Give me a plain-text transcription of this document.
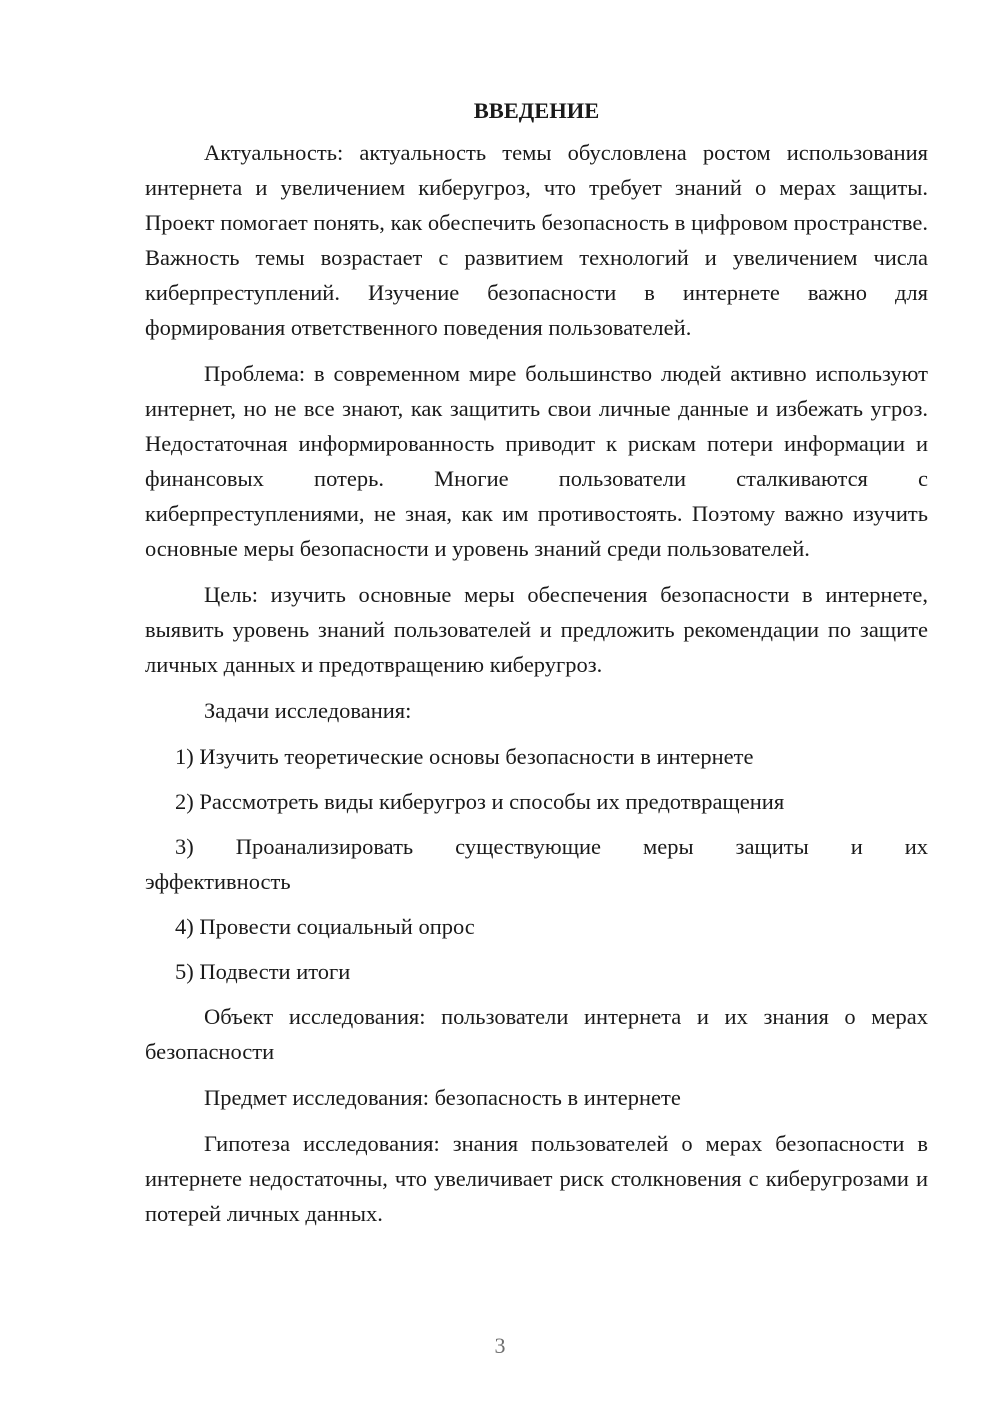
ВВЕДЕНИЕ

Актуальность: актуальность темы обусловлена ростом использования интернета и увеличением киберугроз, что требует знаний о мерах защиты. Проект помогает понять, как обеспечить безопасность в цифровом пространстве. Важность темы возрастает с развитием технологий и увеличением числа киберпреступлений. Изучение безопасности в интернете важно для формирования ответственного поведения пользователей.

Проблема: в современном мире большинство людей активно используют интернет, но не все знают, как защитить свои личные данные и избежать угроз. Недостаточная информированность приводит к рискам потери информации и финансовых потерь. Многие пользователи сталкиваются с киберпреступлениями, не зная, как им противостоять. Поэтому важно изучить основные меры безопасности и уровень знаний среди пользователей.

Цель: изучить основные меры обеспечения безопасности в интернете, выявить уровень знаний пользователей и предложить рекомендации по защите личных данных и предотвращению киберугроз.

Задачи исследования:

1) Изучить теоретические основы безопасности в интернете

2) Рассмотреть виды киберугроз и способы их предотвращения

3) Проанализировать существующие меры защиты и их эффективность

4) Провести социальный опрос

5) Подвести итоги

Объект исследования: пользователи интернета и их знания о мерах безопасности

Предмет исследования: безопасность в интернете

Гипотеза исследования: знания пользователей о мерах безопасности в интернете недостаточны, что увеличивает риск столкновения с киберугрозами и потерей личных данных.

3
